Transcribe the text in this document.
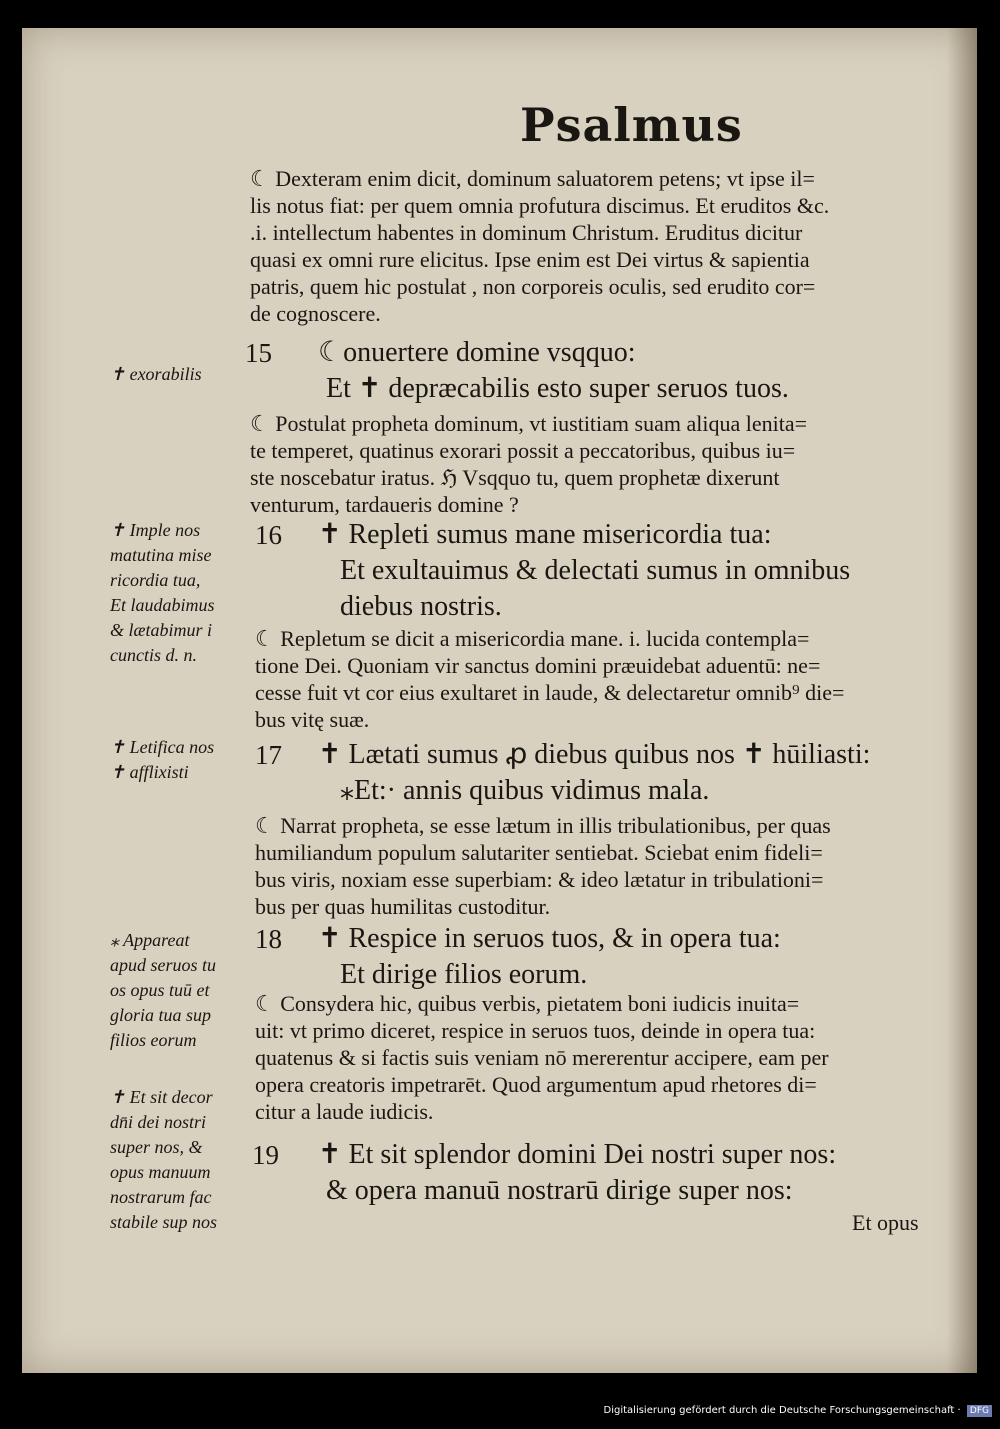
Psalmus
☾ Dexteram enim dicit, dominum saluatorem petens; vt ipse il=
lis notus fiat: per quem omnia profutura discimus. Et eruditos &c.
.i. intellectum habentes in dominum Christum. Eruditus dicitur
quasi ex omni rure elicitus. Ipse enim est Dei virtus & sapientia
patris, quem hic postulat , non corporeis oculis, sed erudito cor=
de cognoscere.
15 ☾onuertere domine vsqquo:
Et ✝ depræcabilis esto super seruos tuos.
☾ Postulat propheta dominum, vt iustitiam suam aliqua lenita=
te temperet, quatinus exorari possit a peccatoribus, quibus iu=
ste noscebatur iratus. ℌ Vsqquo tu, quem prophetæ dixerunt
venturum, tardaueris domine ?
16 ✝ Repleti sumus mane misericordia tua:
Et exultauimus & delectati sumus in omnibus
diebus nostris.
☾ Repletum se dicit a misericordia mane. i. lucida contempla=
tione Dei. Quoniam vir sanctus domini præuidebat aduentū: ne=
cesse fuit vt cor eius exultaret in laude, & delectaretur omnib⁹ die=
bus vitę suæ.
17 ✝ Lætati sumus ꝓ diebus quibus nos ✝ hūiliasti:
⁎Et:· annis quibus vidimus mala.
☾ Narrat propheta, se esse lætum in illis tribulationibus, per quas
humiliandum populum salutariter sentiebat. Sciebat enim fideli=
bus viris, noxiam esse superbiam: & ideo lætatur in tribulationi=
bus per quas humilitas custoditur.
18 ✝ Respice in seruos tuos, & in opera tua:
Et dirige filios eorum.
☾ Consydera hic, quibus verbis, pietatem boni iudicis inuita=
uit: vt primo diceret, respice in seruos tuos, deinde in opera tua:
quatenus & si factis suis veniam nō mererentur accipere, eam per
opera creatoris impetrarēt. Quod argumentum apud rhetores di=
citur a laude iudicis.
19 ✝ Et sit splendor domini Dei nostri super nos:
& opera manuū nostrarū dirige super nos:
Et opus
✝ exorabilis
✝ Imple nos
matutina mise
ricordia tua,
Et laudabimus
& lætabimur i
cunctis d. n.
✝ Letifica nos
✝ afflixisti
⁎ Appareat
apud seruos tu
os opus tuū et
gloria tua sup
filios eorum
✝ Et sit decor
dn̄i dei nostri
super nos, &
opus manuum
nostrarum fac
stabile sup nos
Digitalisierung gefördert durch die Deutsche Forschungsgemeinschaft · DFG
